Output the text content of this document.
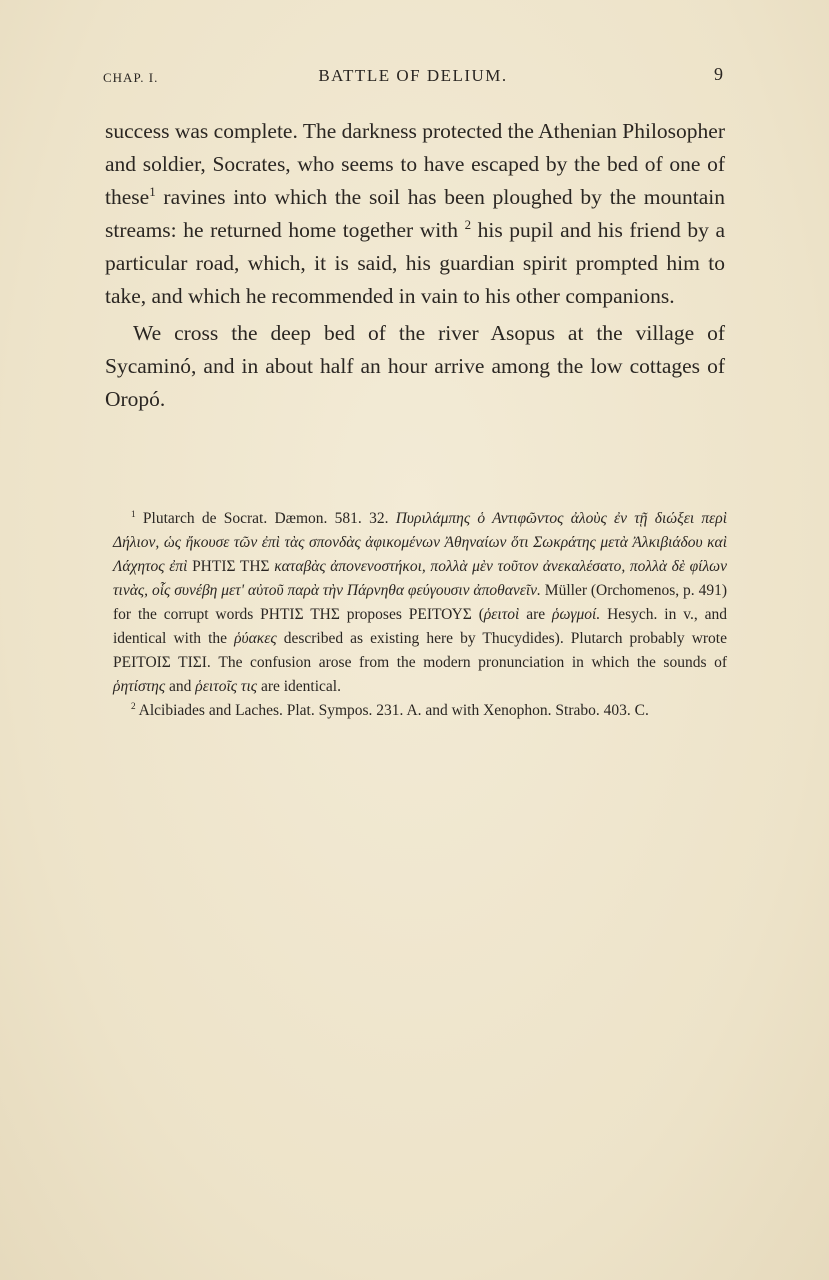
CHAP. I.	BATTLE OF DELIUM.	9

success was complete. The darkness protected the Athenian Philosopher and soldier, Socrates, who seems to have escaped by the bed of one of these$^1$ ravines into which the soil has been ploughed by the mountain streams: he returned home together with $^2$ his pupil and his friend by a particular road, which, it is said, his guardian spirit prompted him to take, and which he recommended in vain to his other companions.

We cross the deep bed of the river Asopus at the village of Sycaminó, and in about half an hour arrive among the low cottages of Oropó.

$^1$ Plutarch de Socrat. Dæmon. 581. 32. Πυριλάμπης ὁ Αντιφῶντος ἀλοὺς ἐν τῇ διώξει περὶ Δήλιον, ὡς ἤκουσε τῶν ἐπὶ τὰς σπονδὰς ἀφικομένων Ἀθηναίων ὅτι Σωκράτης μετὰ Ἀλκιβιάδου καὶ Λάχητος ἐπὶ ΡΗΤΙΣ ΤΗΣ καταβὰς ἀπονενοστήκοι, πολλὰ μὲν τοῦτον ἀνεκαλέσατο, πολλὰ δὲ φίλων τινὰς, οἷς συνέβη μετ' αὐτοῦ παρὰ τὴν Πάρνηθα φεύγουσιν ἀποθανεῖν. Müller (Orchomenos, p. 491) for the corrupt words ΡΗΤΙΣ ΤΗΣ proposes ΡΕΙΤΟΥΣ (ῥειτοὶ are ῥωγμοί. Hesych. in v., and identical with the ῥύακες described as existing here by Thucydides). Plutarch probably wrote ΡΕΙΤΟΙΣ ΤΙΣΙ. The confusion arose from the modern pronunciation in which the sounds of ῥητίστης and ῥειτοῖς τις are identical.

$^2$ Alcibiades and Laches. Plat. Sympos. 231. A. and with Xenophon. Strabo. 403. C.
